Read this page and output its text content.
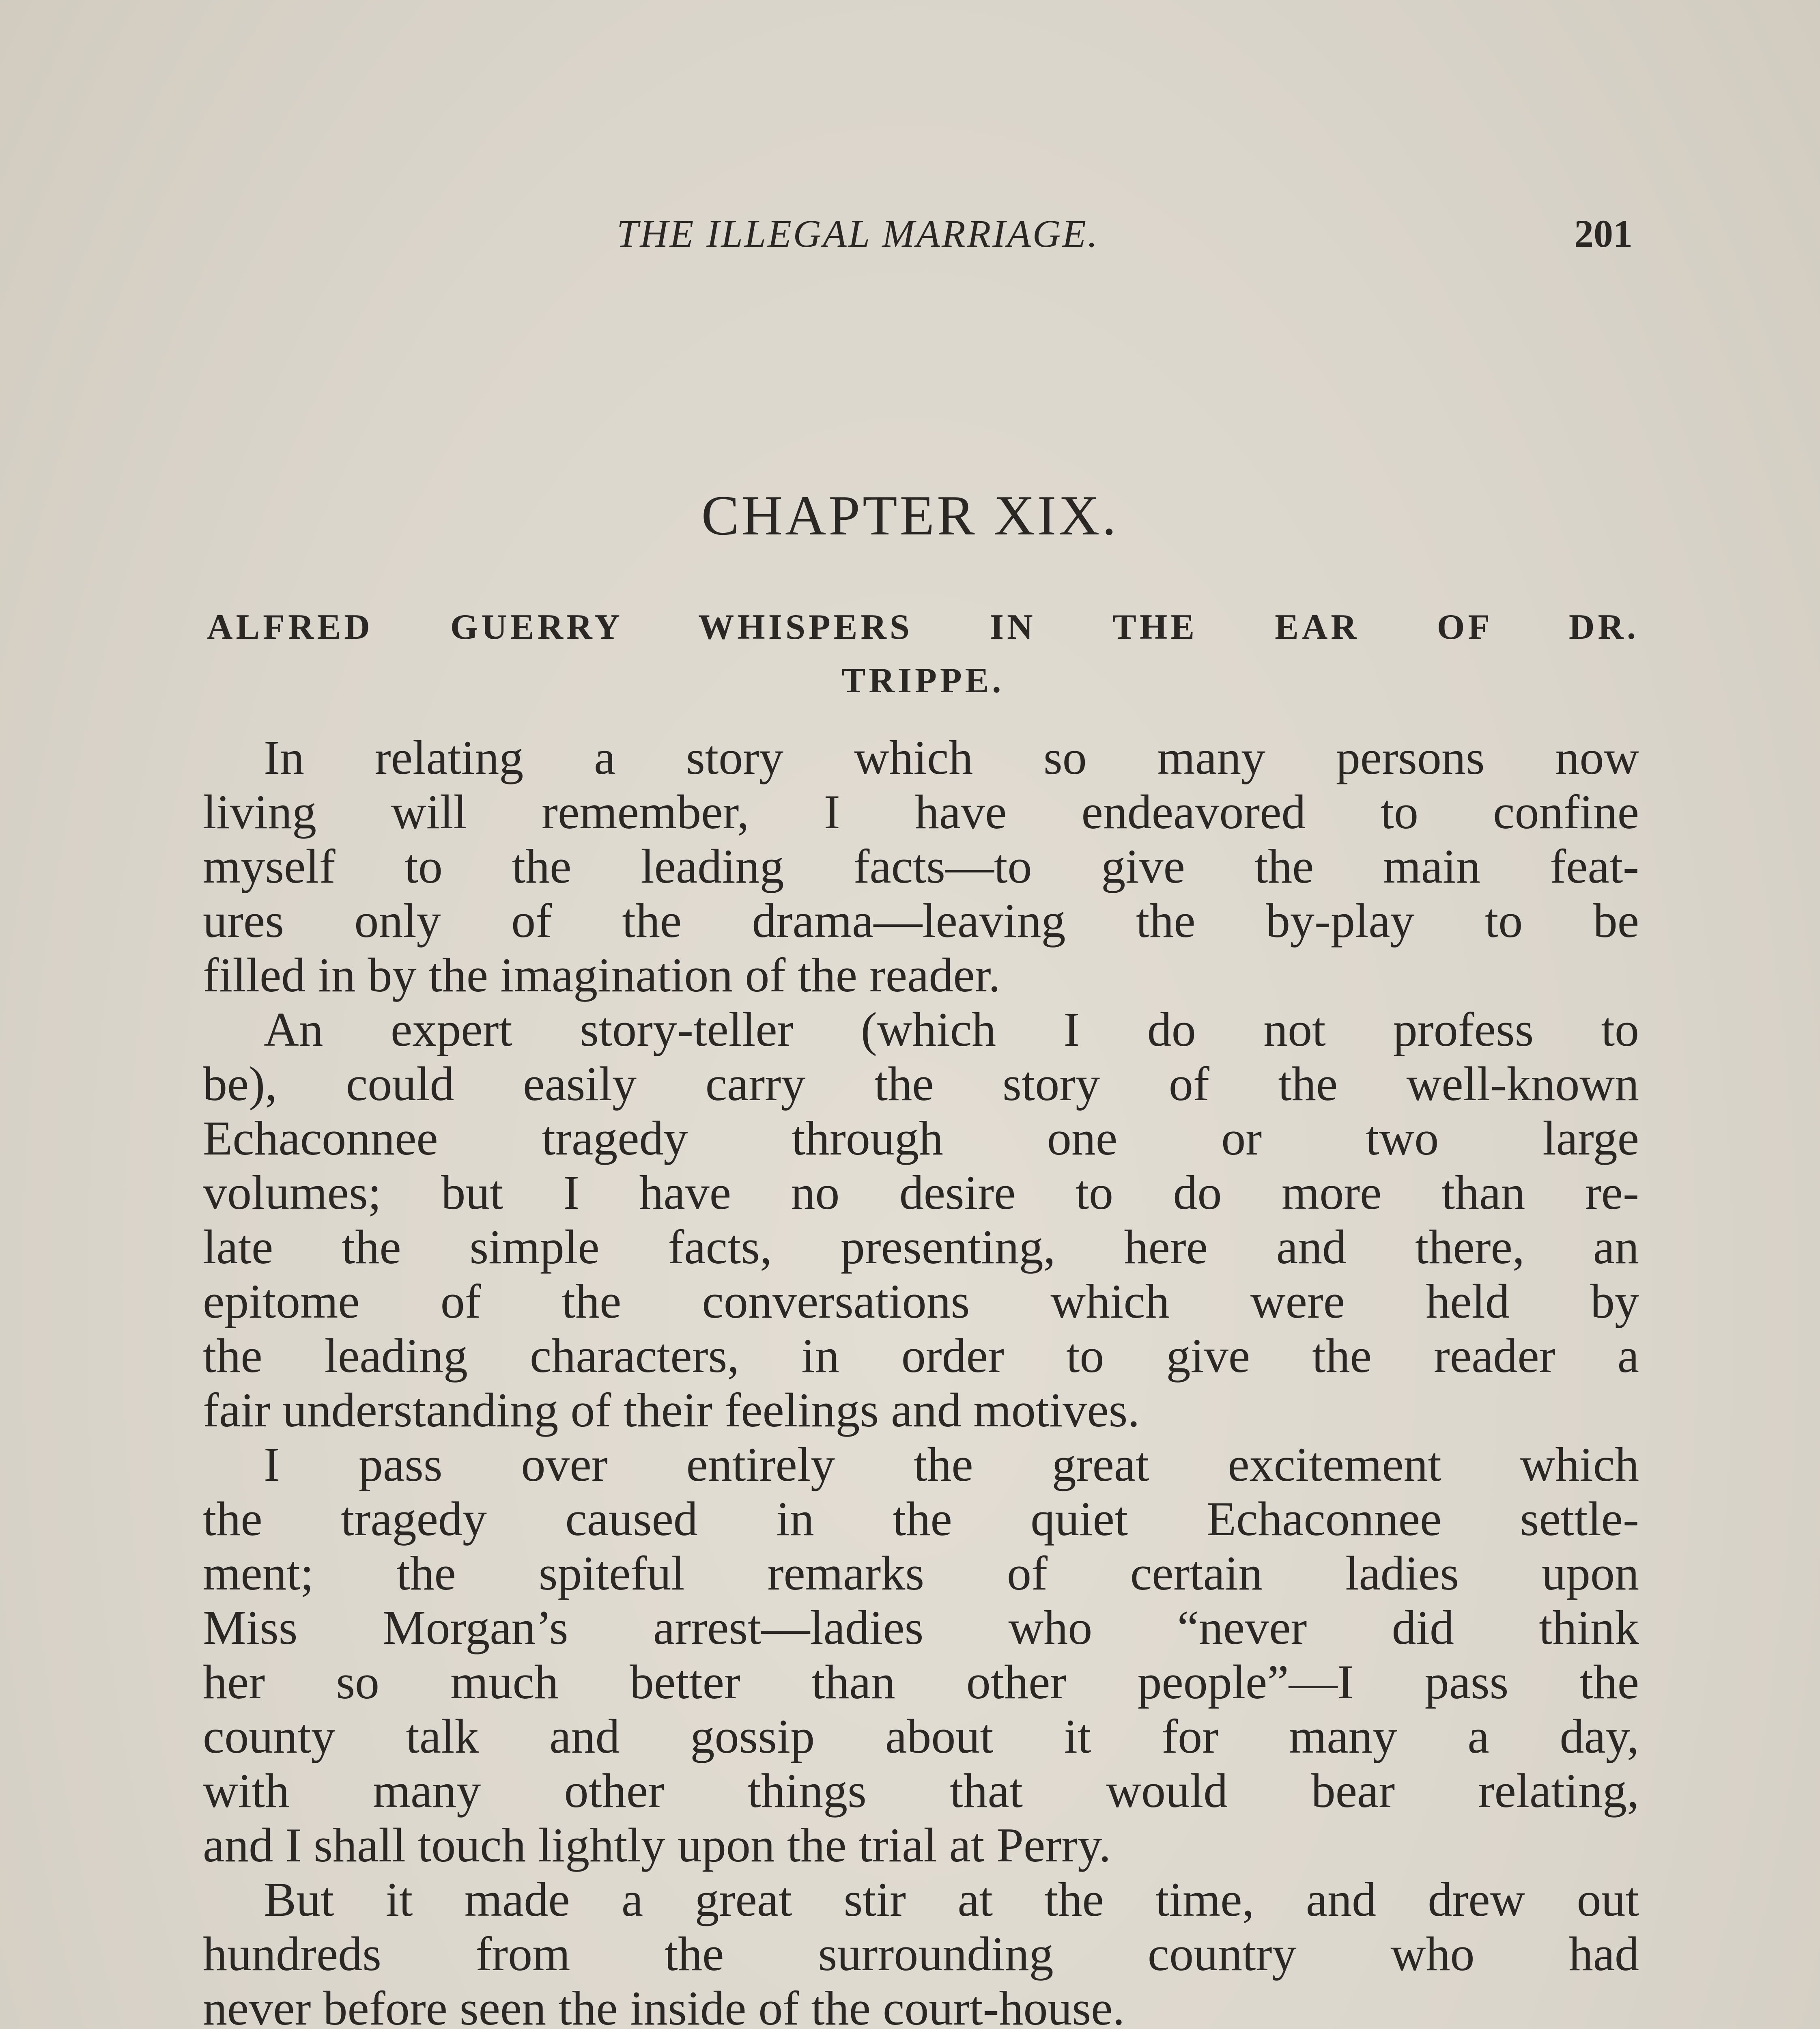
THE ILLEGAL MARRIAGE.	201
CHAPTER XIX.
ALFRED GUERRY WHISPERS IN THE EAR OF DR.
TRIPPE.
In relating a story which so many persons now
living will remember, I have endeavored to confine
myself to the leading facts—to give the main feat-
ures only of the drama—leaving the by-play to be
filled in by the imagination of the reader.
An expert story-teller (which I do not profess to
be), could easily carry the story of the well-known
Echaconnee tragedy through one or two large
volumes; but I have no desire to do more than re-
late the simple facts, presenting, here and there, an
epitome of the conversations which were held by
the leading characters, in order to give the reader a
fair understanding of their feelings and motives.
I pass over entirely the great excitement which
the tragedy caused in the quiet Echaconnee settle-
ment; the spiteful remarks of certain ladies upon
Miss Morgan’s arrest—ladies who “never did think
her so much better than other people”—I pass the
county talk and gossip about it for many a day,
with many other things that would bear relating,
and I shall touch lightly upon the trial at Perry.
But it made a great stir at the time, and drew out
hundreds from the surrounding country who had
never before seen the inside of the court-house.
